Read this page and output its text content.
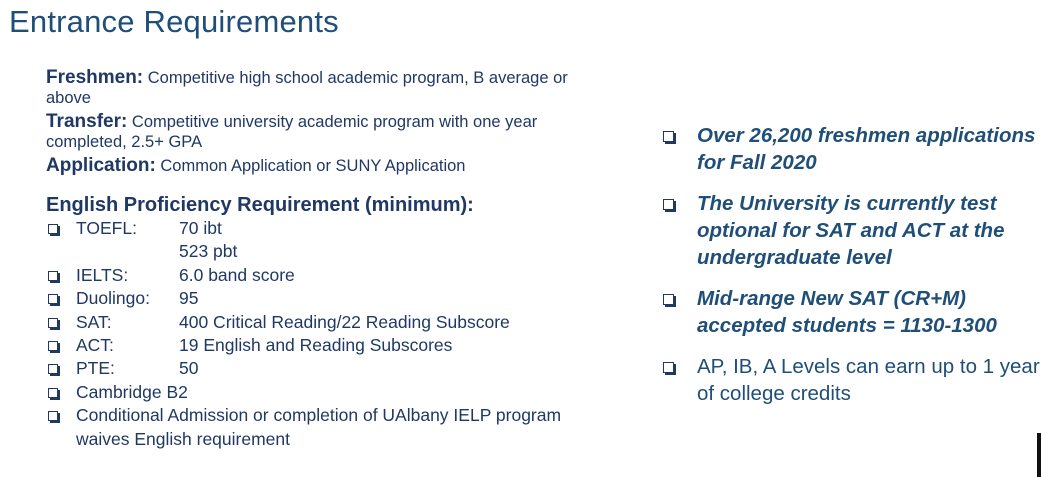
Entrance Requirements
Freshmen: Competitive high school academic program, B average or above
Transfer: Competitive university academic program with one year completed, 2.5+ GPA
Application: Common Application or SUNY Application
English Proficiency Requirement (minimum):
TOEFL: 70 ibt
523 pbt
IELTS:	6.0 band score
Duolingo: 95
SAT:	400 Critical Reading/22 Reading Subscore
ACT:	19 English and Reading Subscores
PTE:	50
Cambridge B2
Conditional Admission or completion of UAlbany IELP program waives English requirement
Over 26,200 freshmen applications for Fall 2020
The University is currently test optional for SAT and ACT at the undergraduate level
Mid-range New SAT (CR+M) accepted students = 1130-1300
AP, IB, A Levels can earn up to 1 year of college credits
